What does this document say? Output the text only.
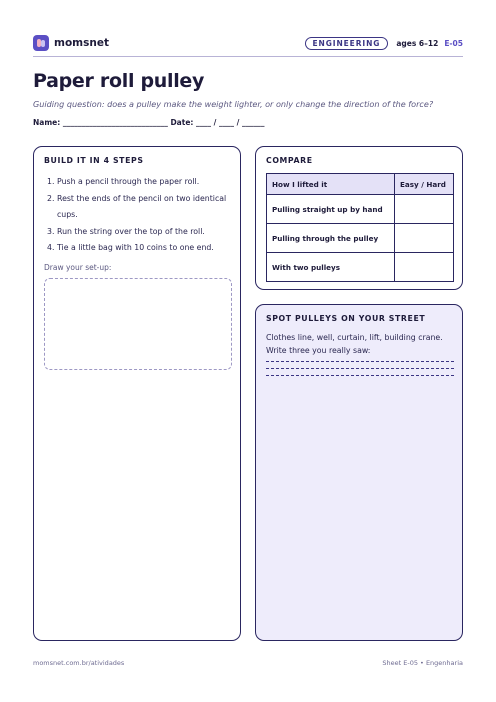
momsnet	ENGINEERING	ages 6–12 E-05
Paper roll pulley

Guiding question: does a pulley make the weight lighter, or only change the direction of the force?

Name: ____________________________ Date: ____ / ____ / ______

BUILD IT IN 4 STEPS
1. Push a pencil through the paper roll.
2. Rest the ends of the pencil on two identical cups.
3. Run the string over the top of the roll.
4. Tie a little bag with 10 coins to one end.
Draw your set-up:
COMPARE
How I lifted it	Easy / Hard
Pulling straight up by hand	
Pulling through the pulley	
With two pulleys	
SPOT PULLEYS ON YOUR STREET

Clothes line, well, curtain, lift, building crane. Write three you really saw:

momsnet.com.br/atividades	Sheet E-05 • Engenharia
